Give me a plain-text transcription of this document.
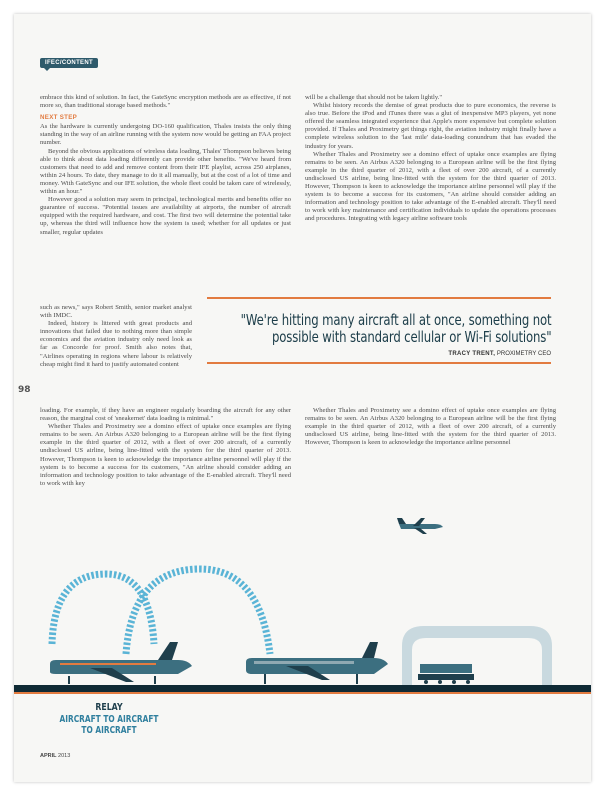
IFEC/CONTENT

embrace this kind of solution. In fact, the GateSync encryption methods are as effective, if not more so, than traditional storage based methods."

NEXT STEP

As the hardware is currently undergoing DO-160 qualification, Thales insists the only thing standing in the way of an airline running with the system now would be getting an FAA project number.

Beyond the obvious applications of wireless data loading, Thales' Thompson believes being able to think about data loading differently can provide other benefits. "We've heard from customers that need to add and remove content from their IFE playlist, across 250 airplanes, within 24 hours. To date, they manage to do it all manually, but at the cost of a lot of time and money. With GateSync and our IFE solution, the whole fleet could be taken care of wirelessly, within an hour."

However good a solution may seem in principal, technological merits and benefits offer no guarantee of success. "Potential issues are availability at airports, the number of aircraft equipped with the required hardware, and cost. The first two will determine the potential take up, whereas the third will influence how the system is used; whether for all updates or just smaller, regular updates

such as news," says Robert Smith, senior market analyst with IMDC.

Indeed, history is littered with great products and innovations that failed due to nothing more than simple economics and the aviation industry only need look as far as Concorde for proof. Smith also notes that, "Airlines operating in regions where labour is relatively cheap might find it hard to justify automated content

loading. For example, if they have an engineer regularly boarding the aircraft for any other reason, the marginal cost of 'sneakernet' data loading is minimal."

Whether Thales and Proximetry see a domino effect of uptake once examples are flying remains to be seen. An Airbus A320 belonging to a European airline will be the first flying example in the third quarter of 2012, with a fleet of over 200 aircraft, of a currently undisclosed US airline, being line-fitted with the system for the third quarter of 2013. However, Thompson is keen to acknowledge the importance airline personnel will play if the system is to become a success for its customers, "An airline should consider adding an information and technology position to take advantage of the E-enabled aircraft. They'll need to work with key

will be a challenge that should not be taken lightly."

Whilst history records the demise of great products due to pure economics, the reverse is also true. Before the iPod and iTunes there was a glut of inexpensive MP3 players, yet none offered the seamless integrated experience that Apple's more expensive but complete solution provided. If Thales and Proximetry get things right, the aviation industry might finally have a complete wireless solution to the 'last mile' data-loading conundrum that has evaded the industry for years.

Whether Thales and Proximetry see a domino effect of uptake once examples are flying remains to be seen. An Airbus A320 belonging to a European airline will be the first flying example in the third quarter of 2012, with a fleet of over 200 aircraft, of a currently undisclosed US airline, being line-fitted with the system for the third quarter of 2013. However, Thompson is keen to acknowledge the importance airline personnel will play if the system is to become a success for its customers, "An airline should consider adding an information and technology position to take advantage of the E-enabled aircraft. They'll need to work with key maintenance and certification individuals to update the operations processes and procedures. Integrating with legacy airline software tools

Whether Thales and Proximetry see a domino effect of uptake once examples are flying remains to be seen. An Airbus A320 belonging to a European airline will be the first flying example in the third quarter of 2012, with a fleet of over 200 aircraft, of a currently undisclosed US airline, being line-fitted with the system for the third quarter of 2013. However, Thompson is keen to acknowledge the importance airline personnel

"We're hitting many aircraft all at once, something not
possible with standard cellular or Wi-Fi solutions"
TRACY TRENT, PROXIMETRY CEO
98
RELAY
AIRCRAFT TO AIRCRAFT
TO AIRCRAFT
APRIL 2013
